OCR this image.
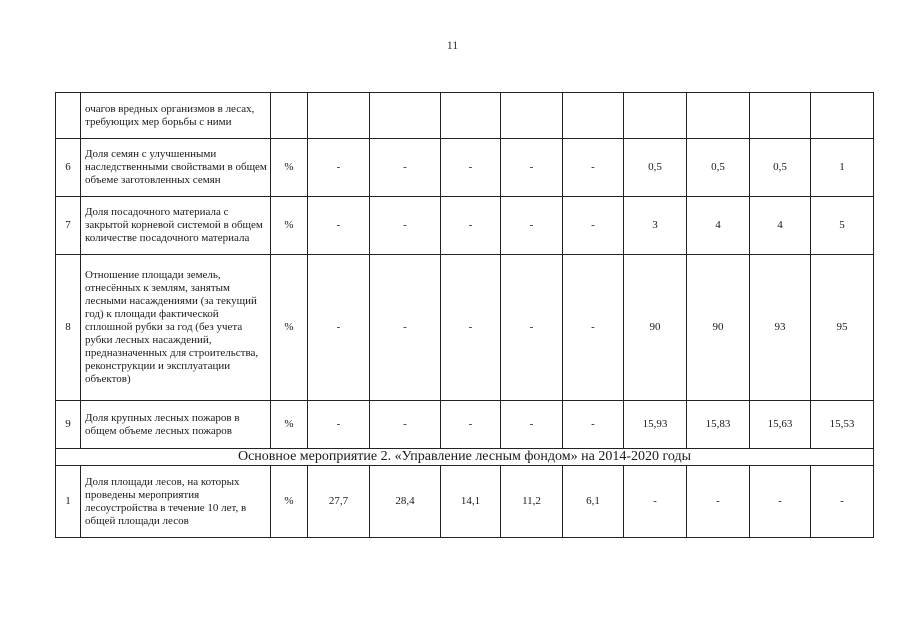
11
	очагов вредных организмов в лесах, требующих мер борьбы с ними										
6	Доля семян с улучшенными наследственными свойствами в общем объеме заготовленных семян	%	-	-	-	-	-	0,5	0,5	0,5	1
7	Доля посадочного материала с закрытой корневой системой в общем количестве посадочного материала	%	-	-	-	-	-	3	4	4	5
8	Отношение площади земель, отнесённых к землям, занятым лесными насаждениями (за текущий год) к площади фактической сплошной рубки за год (без учета рубки лесных насаждений, предназначенных для строительства, реконструкции и эксплуатации объектов)	%	-	-	-	-	-	90	90	93	95
9	Доля крупных лесных пожаров в общем объеме лесных пожаров	%	-	-	-	-	-	15,93	15,83	15,63	15,53
Основное мероприятие 2. «Управление лесным фондом» на 2014-2020 годы											
1	Доля площади лесов, на которых проведены мероприятия лесоустройства в течение 10 лет, в общей площади лесов	%	27,7	28,4	14,1	11,2	6,1	-	-	-	-
